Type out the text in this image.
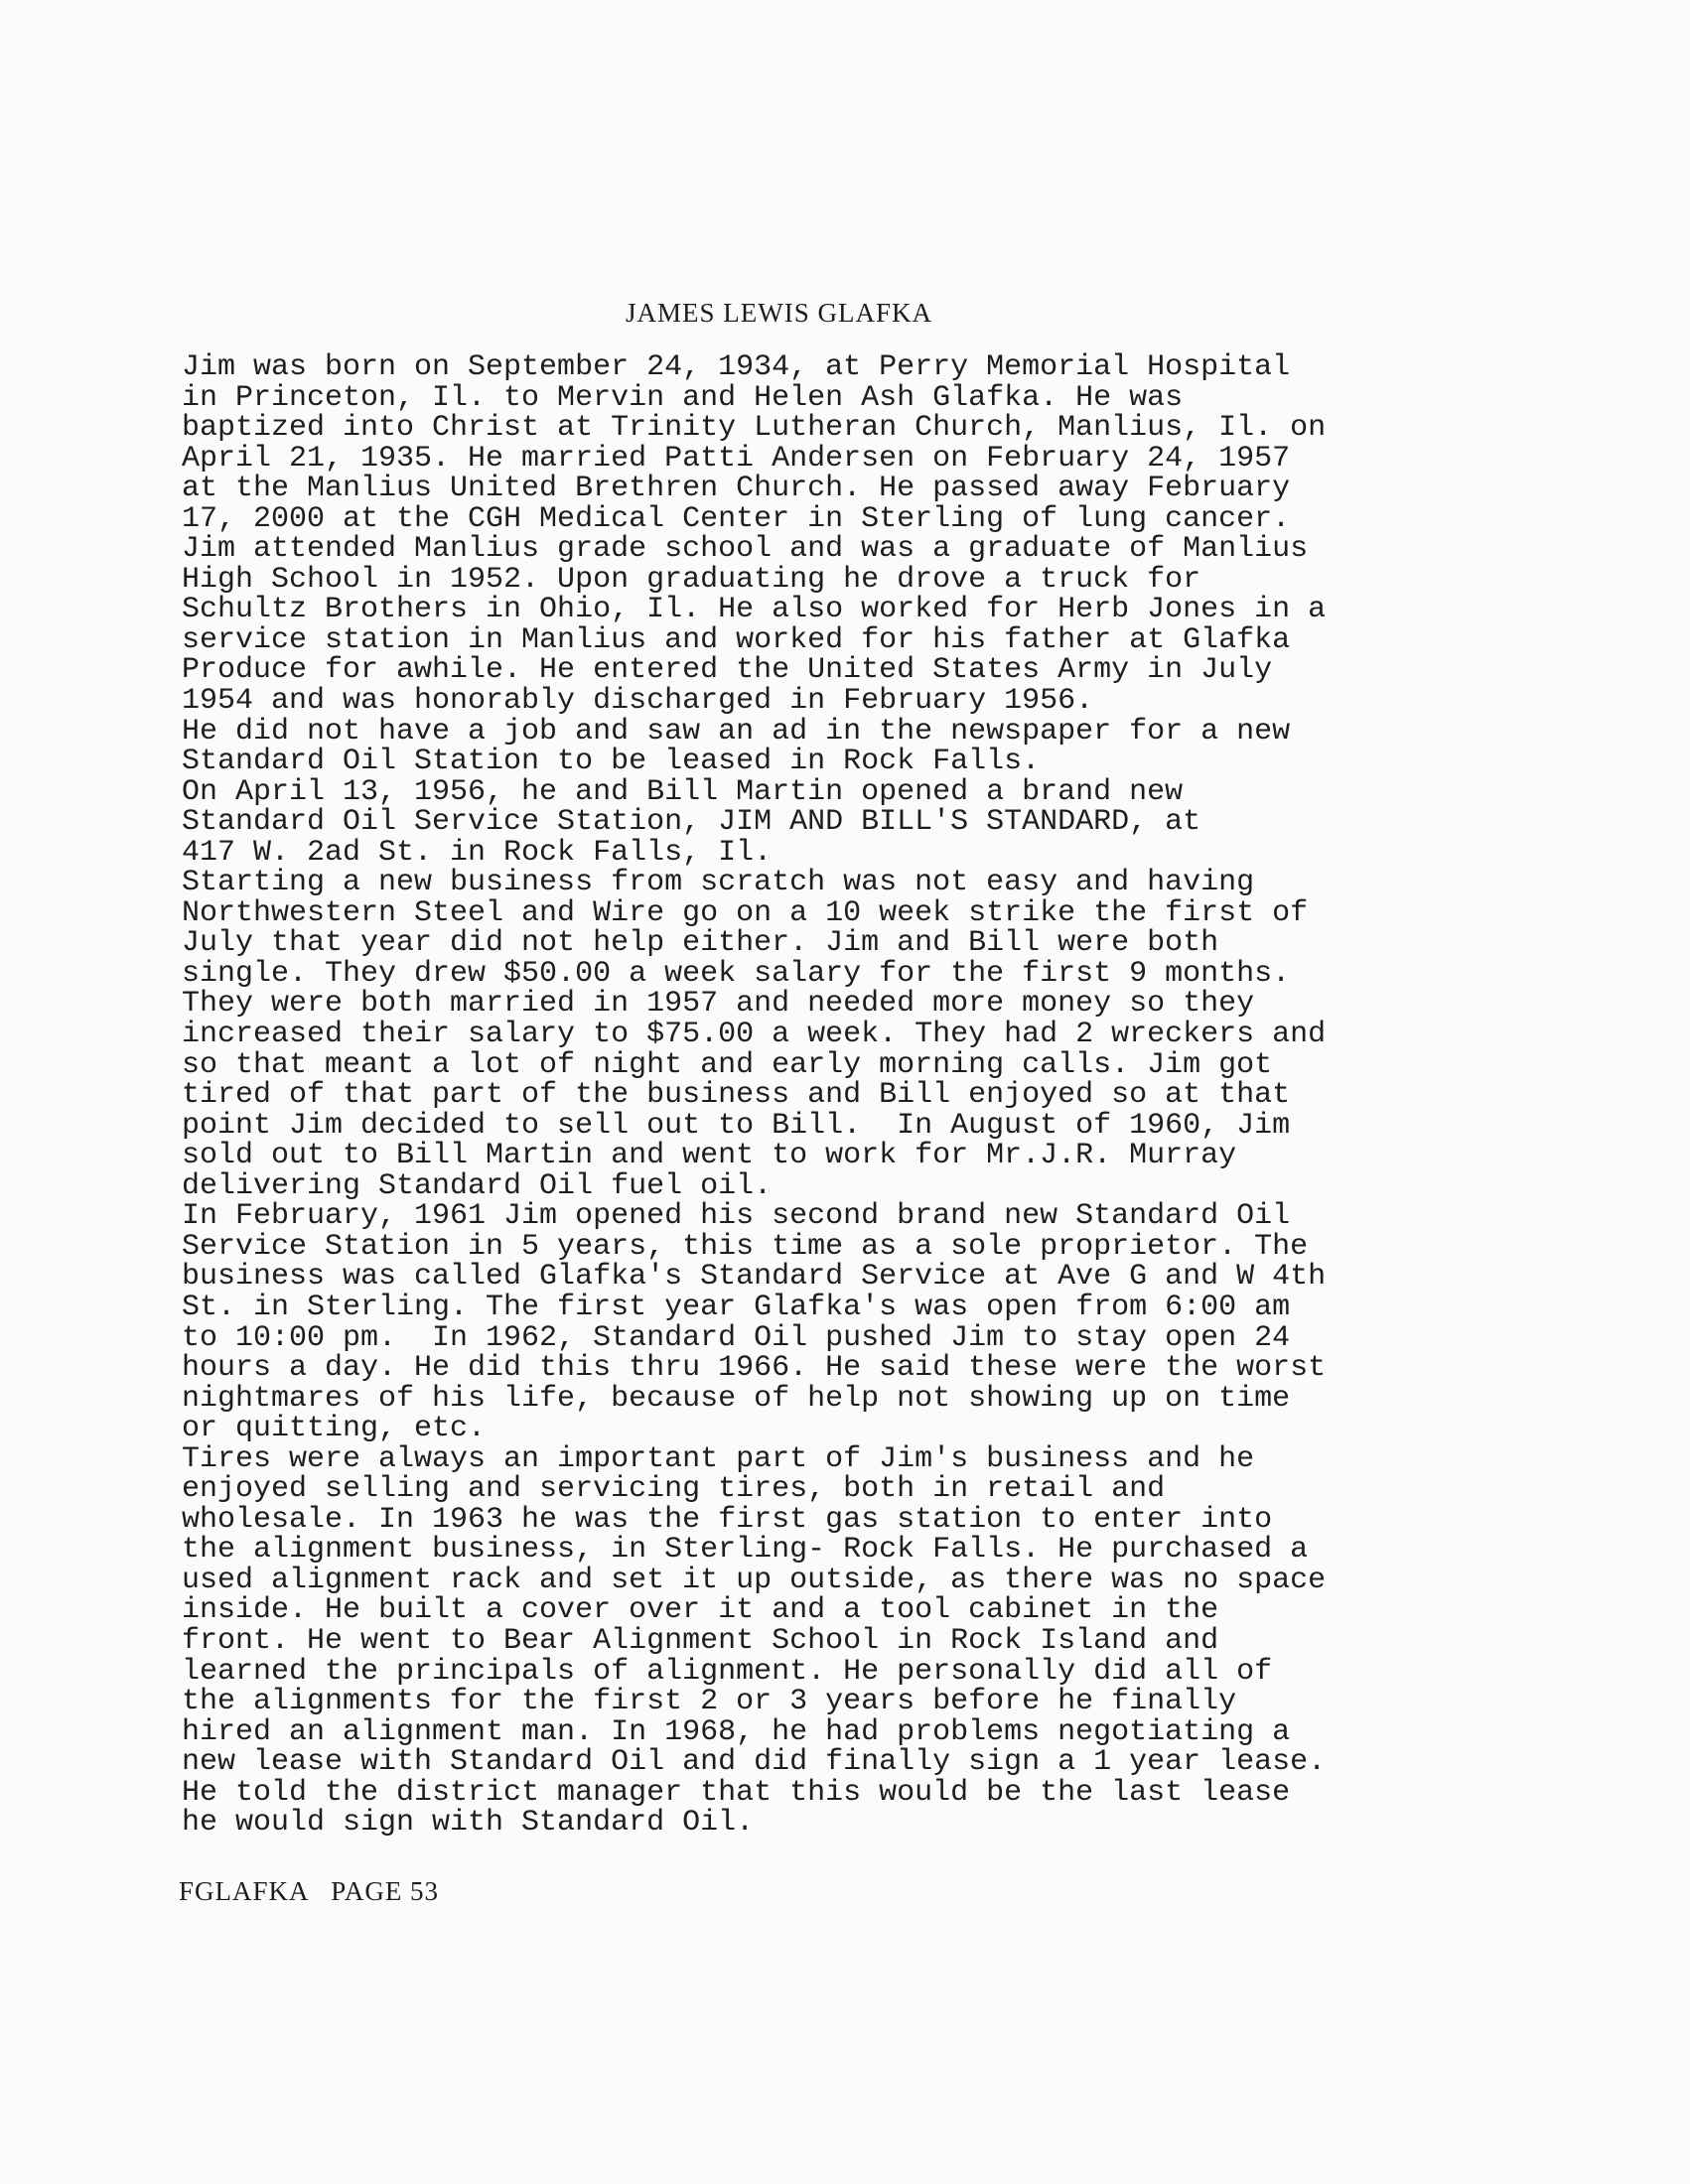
JAMES LEWIS GLAFKA
Jim was born on September 24, 1934, at Perry Memorial Hospital
in Princeton, Il. to Mervin and Helen Ash Glafka. He was
baptized into Christ at Trinity Lutheran Church, Manlius, Il. on
April 21, 1935. He married Patti Andersen on February 24, 1957
at the Manlius United Brethren Church. He passed away February
17, 2000 at the CGH Medical Center in Sterling of lung cancer.
Jim attended Manlius grade school and was a graduate of Manlius
High School in 1952. Upon graduating he drove a truck for
Schultz Brothers in Ohio, Il. He also worked for Herb Jones in a
service station in Manlius and worked for his father at Glafka
Produce for awhile. He entered the United States Army in July
1954 and was honorably discharged in February 1956.
He did not have a job and saw an ad in the newspaper for a new
Standard Oil Station to be leased in Rock Falls.
On April 13, 1956, he and Bill Martin opened a brand new
Standard Oil Service Station, JIM AND BILL'S STANDARD, at
417 W. 2ad St. in Rock Falls, Il.
Starting a new business from scratch was not easy and having
Northwestern Steel and Wire go on a 10 week strike the first of
July that year did not help either. Jim and Bill were both
single. They drew $50.00 a week salary for the first 9 months.
They were both married in 1957 and needed more money so they
increased their salary to $75.00 a week. They had 2 wreckers and
so that meant a lot of night and early morning calls. Jim got
tired of that part of the business and Bill enjoyed so at that
point Jim decided to sell out to Bill.  In August of 1960, Jim
sold out to Bill Martin and went to work for Mr.J.R. Murray
delivering Standard Oil fuel oil.
In February, 1961 Jim opened his second brand new Standard Oil
Service Station in 5 years, this time as a sole proprietor. The
business was called Glafka's Standard Service at Ave G and W 4th
St. in Sterling. The first year Glafka's was open from 6:00 am
to 10:00 pm.  In 1962, Standard Oil pushed Jim to stay open 24
hours a day. He did this thru 1966. He said these were the worst
nightmares of his life, because of help not showing up on time
or quitting, etc.
Tires were always an important part of Jim's business and he
enjoyed selling and servicing tires, both in retail and
wholesale. In 1963 he was the first gas station to enter into
the alignment business, in Sterling- Rock Falls. He purchased a
used alignment rack and set it up outside, as there was no space
inside. He built a cover over it and a tool cabinet in the
front. He went to Bear Alignment School in Rock Island and
learned the principals of alignment. He personally did all of
the alignments for the first 2 or 3 years before he finally
hired an alignment man. In 1968, he had problems negotiating a
new lease with Standard Oil and did finally sign a 1 year lease.
He told the district manager that this would be the last lease
he would sign with Standard Oil.
FGLAFKA PAGE 53
